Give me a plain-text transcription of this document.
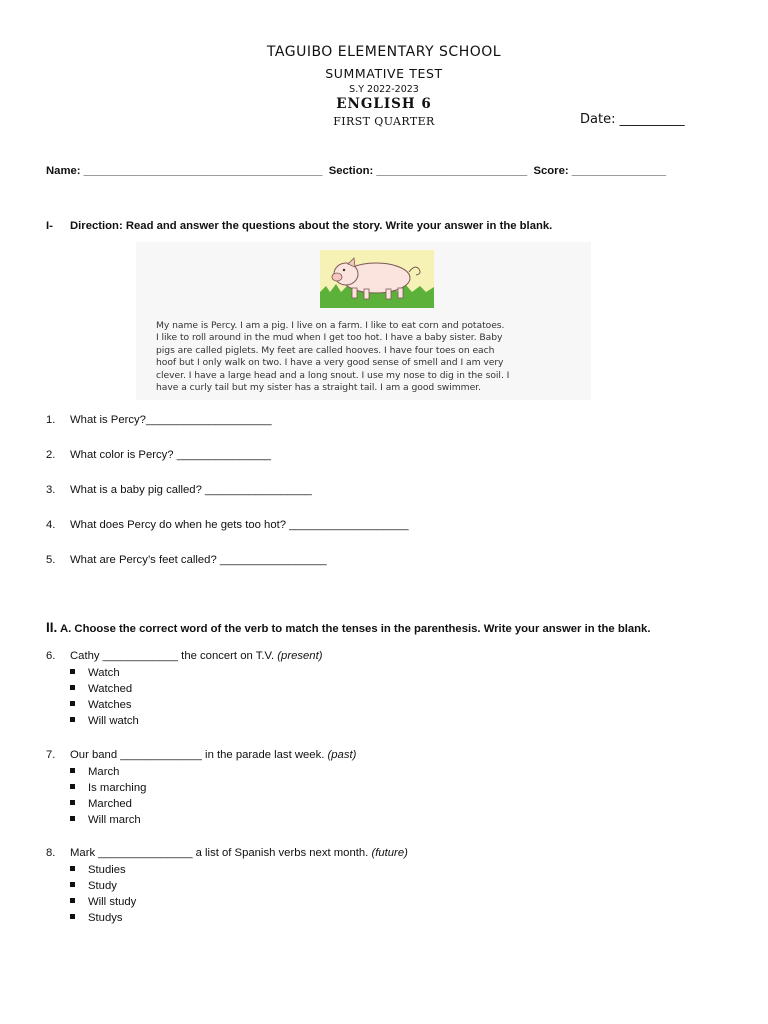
TAGUIBO ELEMENTARY SCHOOL
SUMMATIVE TEST
S.Y 2022-2023
ENGLISH 6
FIRST QUARTER	Date: __________
Name: ______________________________________  Section: ________________________  Score: _______________
I- Direction: Read and answer the questions about the story. Write your answer in the blank.
My name is Percy. I am a pig. I live on a farm. I like to eat corn and potatoes.
I like to roll around in the mud when I get too hot. I have a baby sister. Baby
pigs are called piglets. My feet are called hooves. I have four toes on each
hoof but I only walk on two. I have a very good sense of smell and I am very
clever. I have a large head and a long snout. I use my nose to dig in the soil. I
have a curly tail but my sister has a straight tail. I am a good swimmer.
1. What is Percy?____________________
2. What color is Percy? _______________
3. What is a baby pig called? _________________
4. What does Percy do when he gets too hot? ___________________
5. What are Percy’s feet called? _________________
II. A. Choose the correct word of the verb to match the tenses in the parenthesis. Write your answer in the blank.
6. Cathy ____________ the concert on T.V. (present)
Watch
Watched
Watches
Will watch
7. Our band _____________ in the parade last week. (past)
March
Is marching
Marched
Will march
8. Mark _______________ a list of Spanish verbs next month. (future)
Studies
Study
Will study
Studys
